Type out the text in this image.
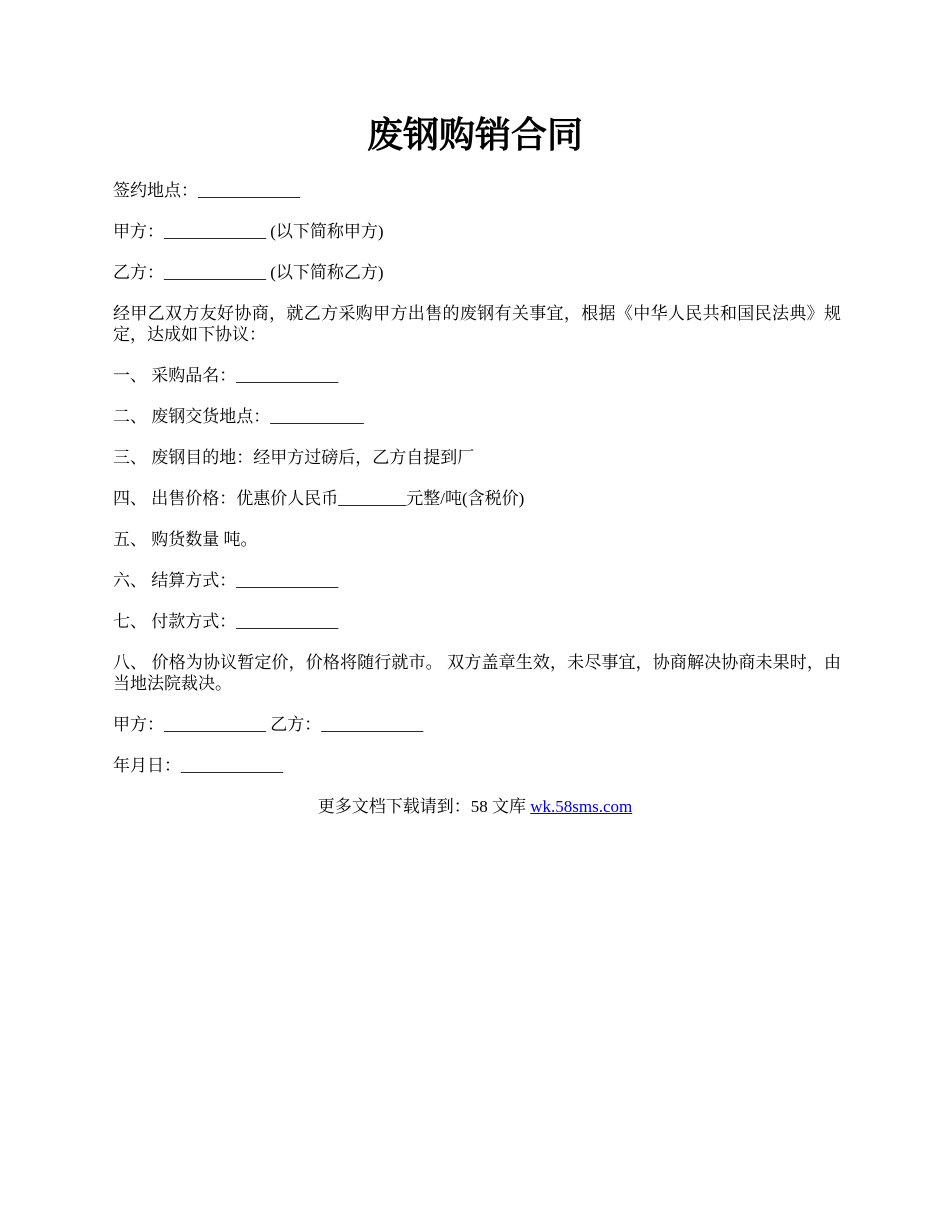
废钢购销合同

签约地点：____________

甲方：____________ (以下简称甲方)

乙方：____________ (以下简称乙方)

经甲乙双方友好协商，就乙方采购甲方出售的废钢有关事宜，根据《中华人民共和国民法典》规定，达成如下协议：

一、 采购品名：____________

二、 废钢交货地点：___________

三、 废钢目的地：经甲方过磅后，乙方自提到厂

四、 出售价格：优惠价人民币________元整/吨(含税价)

五、 购货数量 吨。

六、 结算方式：____________

七、 付款方式：____________

八、 价格为协议暂定价，价格将随行就市。 双方盖章生效，未尽事宜，协商解决协商未果时，由当地法院裁决。

甲方：____________ 乙方：____________

年月日：____________

更多文档下载请到：58 文库 wk.58sms.com
